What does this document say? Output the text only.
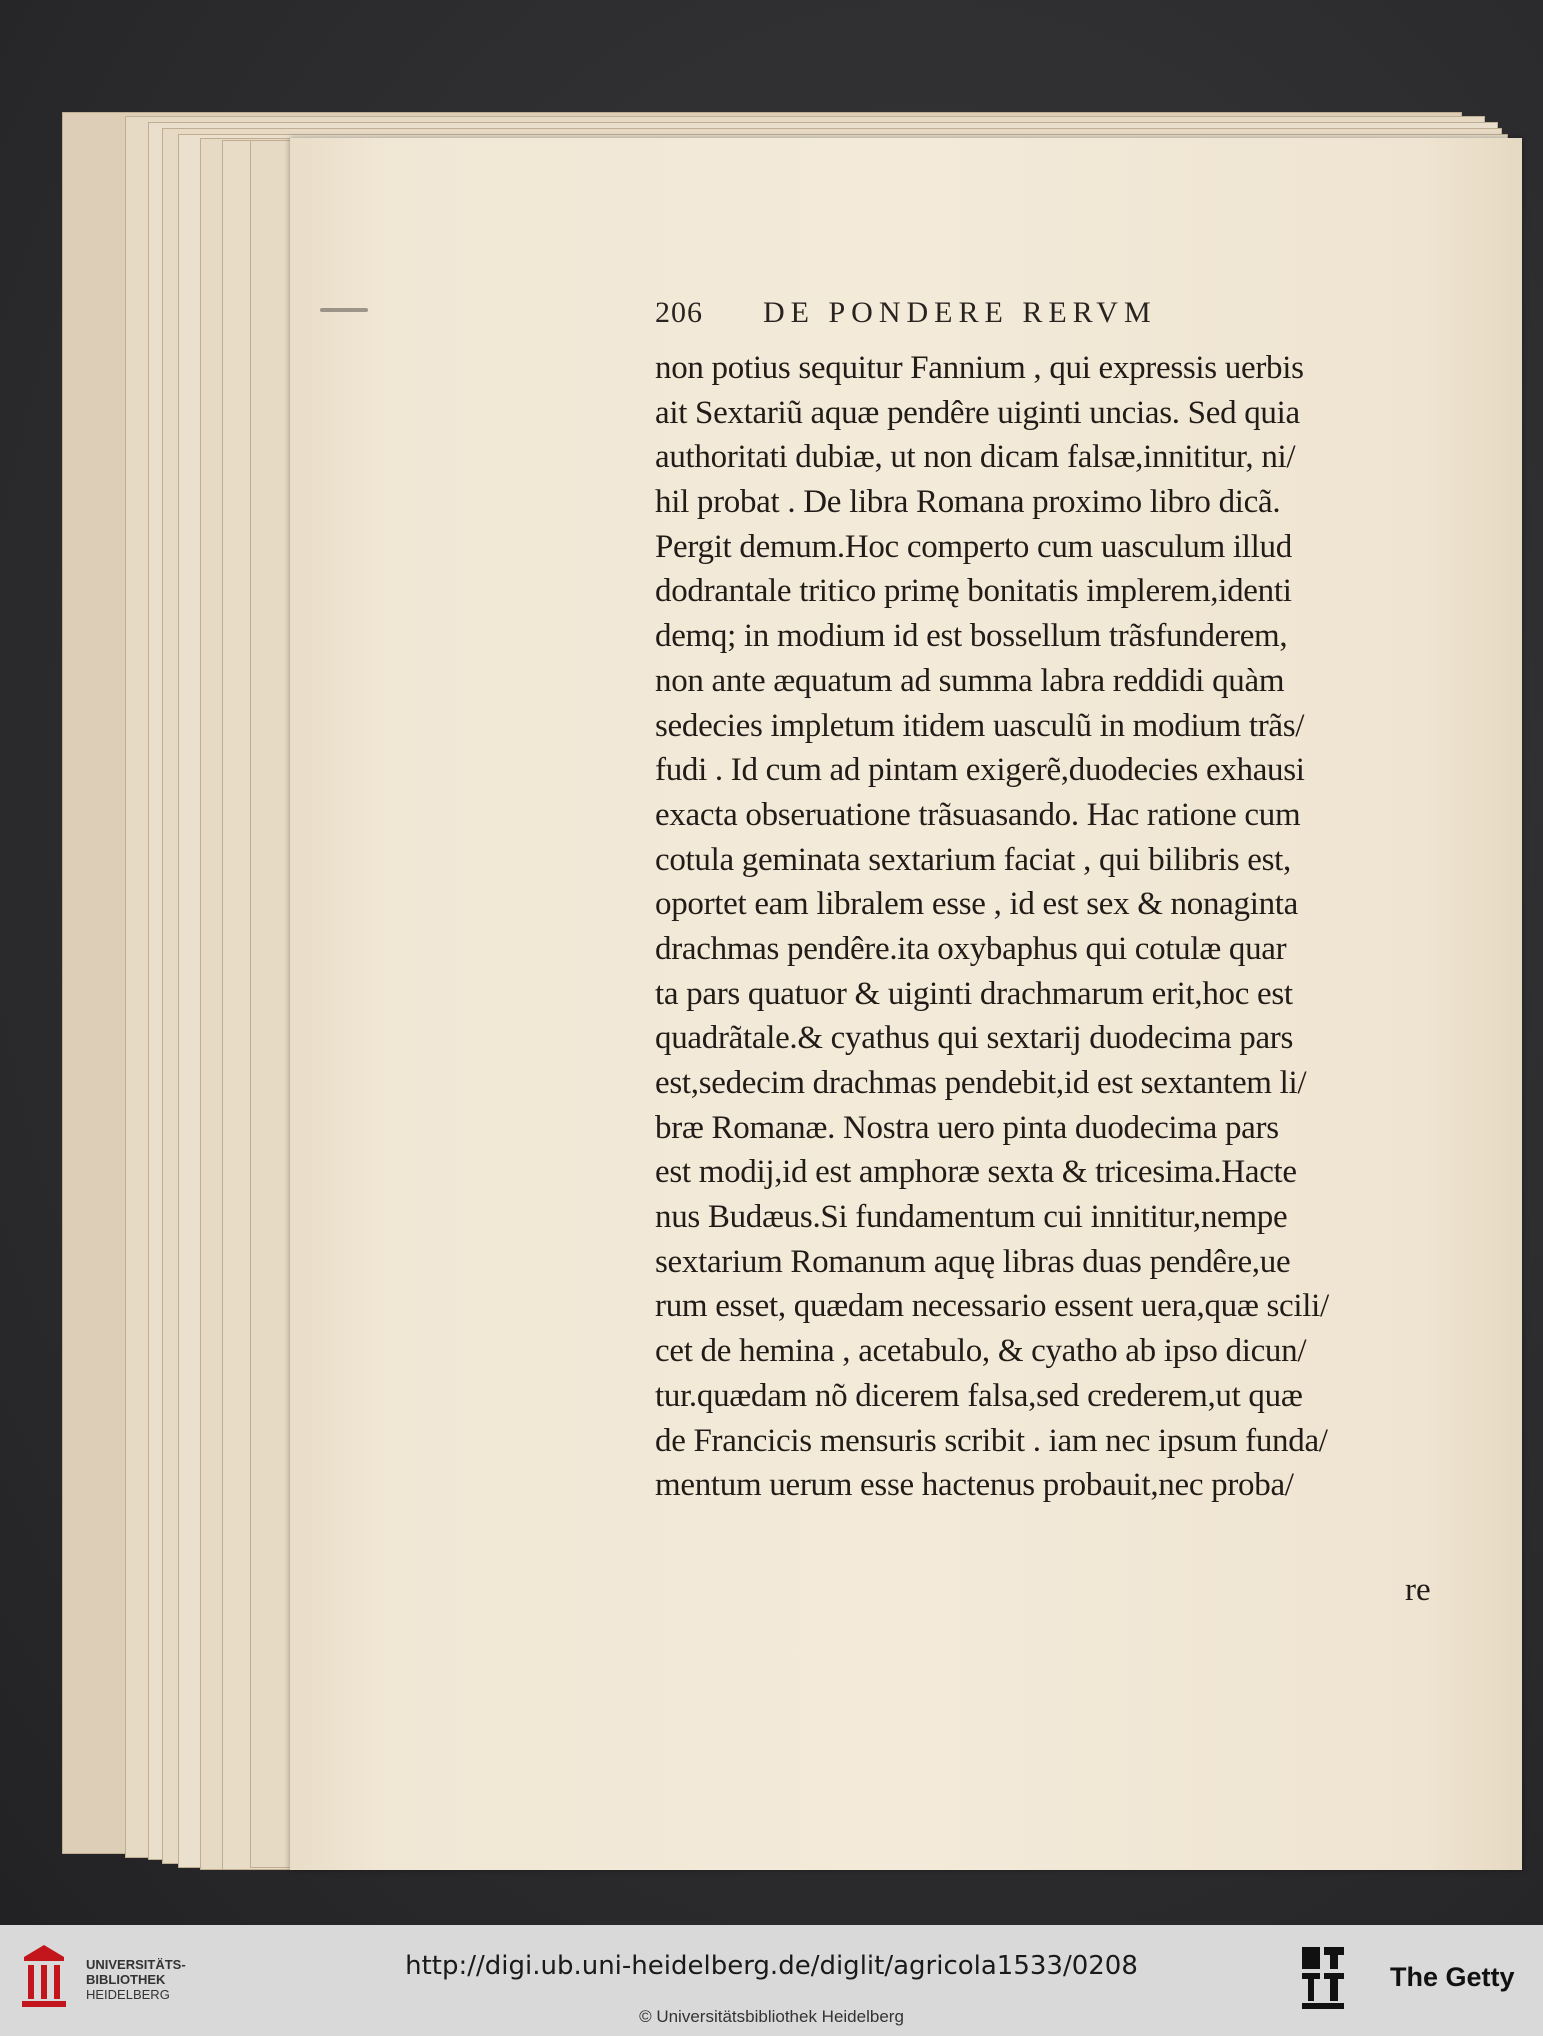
206 DE PONDERE RERVM
non potius sequitur Fannium , qui expressis uerbis
ait Sextariũ aquæ pendêre uiginti uncias. Sed quia
authoritati dubiæ, ut non dicam falsæ,innititur, ni/
hil probat . De libra Romana proximo libro dicã.
Pergit demum.Hoc comperto cum uasculum illud
dodrantale tritico primę bonitatis implerem,identi
demq; in modium id est bossellum trãsfunderem,
non ante æquatum ad summa labra reddidi quàm
sedecies impletum itidem uasculũ in modium trãs/
fudi . Id cum ad pintam exigerẽ,duodecies exhausi
exacta obseruatione trãsuasando. Hac ratione cum
cotula geminata sextarium faciat , qui bilibris est,
oportet eam libralem esse , id est sex & nonaginta
drachmas pendêre.ita oxybaphus qui cotulæ quar
ta pars quatuor & uiginti drachmarum erit,hoc est
quadrãtale.& cyathus qui sextarij duodecima pars
est,sedecim drachmas pendebit,id est sextantem li/
bræ Romanæ. Nostra uero pinta duodecima pars
est modij,id est amphoræ sexta & tricesima.Hacte
nus Budæus.Si fundamentum cui innititur,nempe
sextarium Romanum aquę libras duas pendêre,ue
rum esset, quædam necessario essent uera,quæ scili/
cet de hemina , acetabulo, & cyatho ab ipso dicun/
tur.quædam nõ dicerem falsa,sed crederem,ut quæ
de Francicis mensuris scribit . iam nec ipsum funda/
mentum uerum esse hactenus probauit,nec proba/
re
UNIVERSITÄTS-
BIBLIOTHEK
HEIDELBERG
http://digi.ub.uni-heidelberg.de/diglit/agricola1533/0208
© Universitätsbibliothek Heidelberg
The Getty
